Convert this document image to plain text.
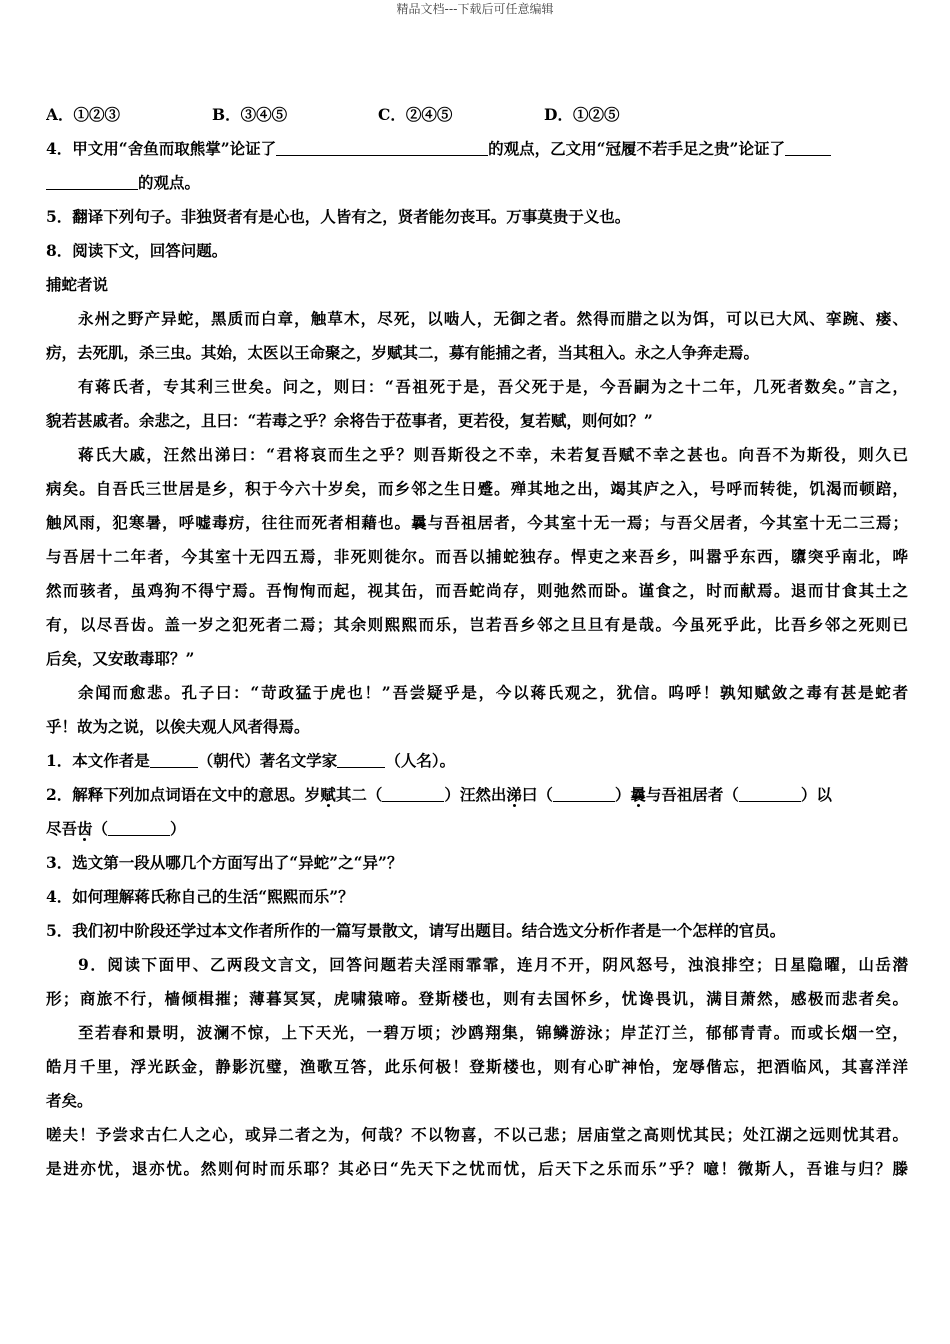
精品文档---下载后可任意编辑
A．①②③	B．③④⑤	C．②④⑤	D．①②⑤
4．甲文用“舍鱼而取熊掌”论证了	的观点，乙文用“冠履不若手足之贵”论证了
的观点。
5．翻译下列句子。非独贤者有是心也，人皆有之，贤者能勿丧耳。万事莫贵于义也。
8．阅读下文，回答问题。
捕蛇者说
永州之野产异蛇，黑质而白章，触草木，尽死，以啮人，无御之者。然得而腊之以为饵，可以已大风、挛踠、瘘、
疠，去死肌，杀三虫。其始，太医以王命聚之，岁赋其二，募有能捕之者，当其租入。永之人争奔走焉。
有蒋氏者，专其利三世矣。问之，则曰：“吾祖死于是，吾父死于是，今吾嗣为之十二年，几死者数矣。”言之，
貌若甚戚者。余悲之，且曰：“若毒之乎？余将告于莅事者，更若役，复若赋，则何如？”
蒋氏大戚，汪然出涕曰：“君将哀而生之乎？则吾斯役之不幸，未若复吾赋不幸之甚也。向吾不为斯役，则久已
病矣。自吾氏三世居是乡，积于今六十岁矣，而乡邻之生日蹙。殚其地之出，竭其庐之入，号呼而转徙，饥渴而顿踣，
触风雨，犯寒暑，呼嘘毒疠，往往而死者相藉也。曩与吾祖居者，今其室十无一焉；与吾父居者，今其室十无二三焉；
与吾居十二年者，今其室十无四五焉，非死则徙尔。而吾以捕蛇独存。悍吏之来吾乡，叫嚣乎东西，隳突乎南北，哗
然而骇者，虽鸡狗不得宁焉。吾恂恂而起，视其缶，而吾蛇尚存，则弛然而卧。谨食之，时而献焉。退而甘食其土之
有，以尽吾齿。盖一岁之犯死者二焉；其余则熙熙而乐，岂若吾乡邻之旦旦有是哉。今虽死乎此，比吾乡邻之死则已
后矣，又安敢毒耶？”
余闻而愈悲。孔子曰：“苛政猛于虎也！”吾尝疑乎是，今以蒋氏观之，犹信。呜呼！孰知赋敛之毒有甚是蛇者
乎！故为之说，以俟夫观人风者得焉。
1．本文作者是	（朝代）著名文学家	（人名）。
2．解释下列加点词语在文中的意思。岁赋其二（	）汪然出涕曰（	）曩与吾祖居者（	）以
尽吾齿（	）
3．选文第一段从哪几个方面写出了“异蛇”之“异”？
4．如何理解蒋氏称自己的生活“熙熙而乐”？
5．我们初中阶段还学过本文作者所作的一篇写景散文，请写出题目。结合选文分析作者是一个怎样的官员。
9．阅读下面甲、乙两段文言文，回答问题若夫淫雨霏霏，连月不开，阴风怒号，浊浪排空；日星隐曜，山岳潜
形；商旅不行，樯倾楫摧；薄暮冥冥，虎啸猿啼。登斯楼也，则有去国怀乡，忧谗畏讥，满目萧然，感极而悲者矣。
至若春和景明，波澜不惊，上下天光，一碧万顷；沙鸥翔集，锦鳞游泳；岸芷汀兰，郁郁青青。而或长烟一空，
皓月千里，浮光跃金，静影沉璧，渔歌互答，此乐何极！登斯楼也，则有心旷神怡，宠辱偕忘，把酒临风，其喜洋洋
者矣。
嗟夫！予尝求古仁人之心，或异二者之为，何哉？不以物喜，不以己悲；居庙堂之高则忧其民；处江湖之远则忧其君。
是进亦忧，退亦忧。然则何时而乐耶？其必曰“先天下之忧而忧，后天下之乐而乐”乎？噫！微斯人，吾谁与归？滕
